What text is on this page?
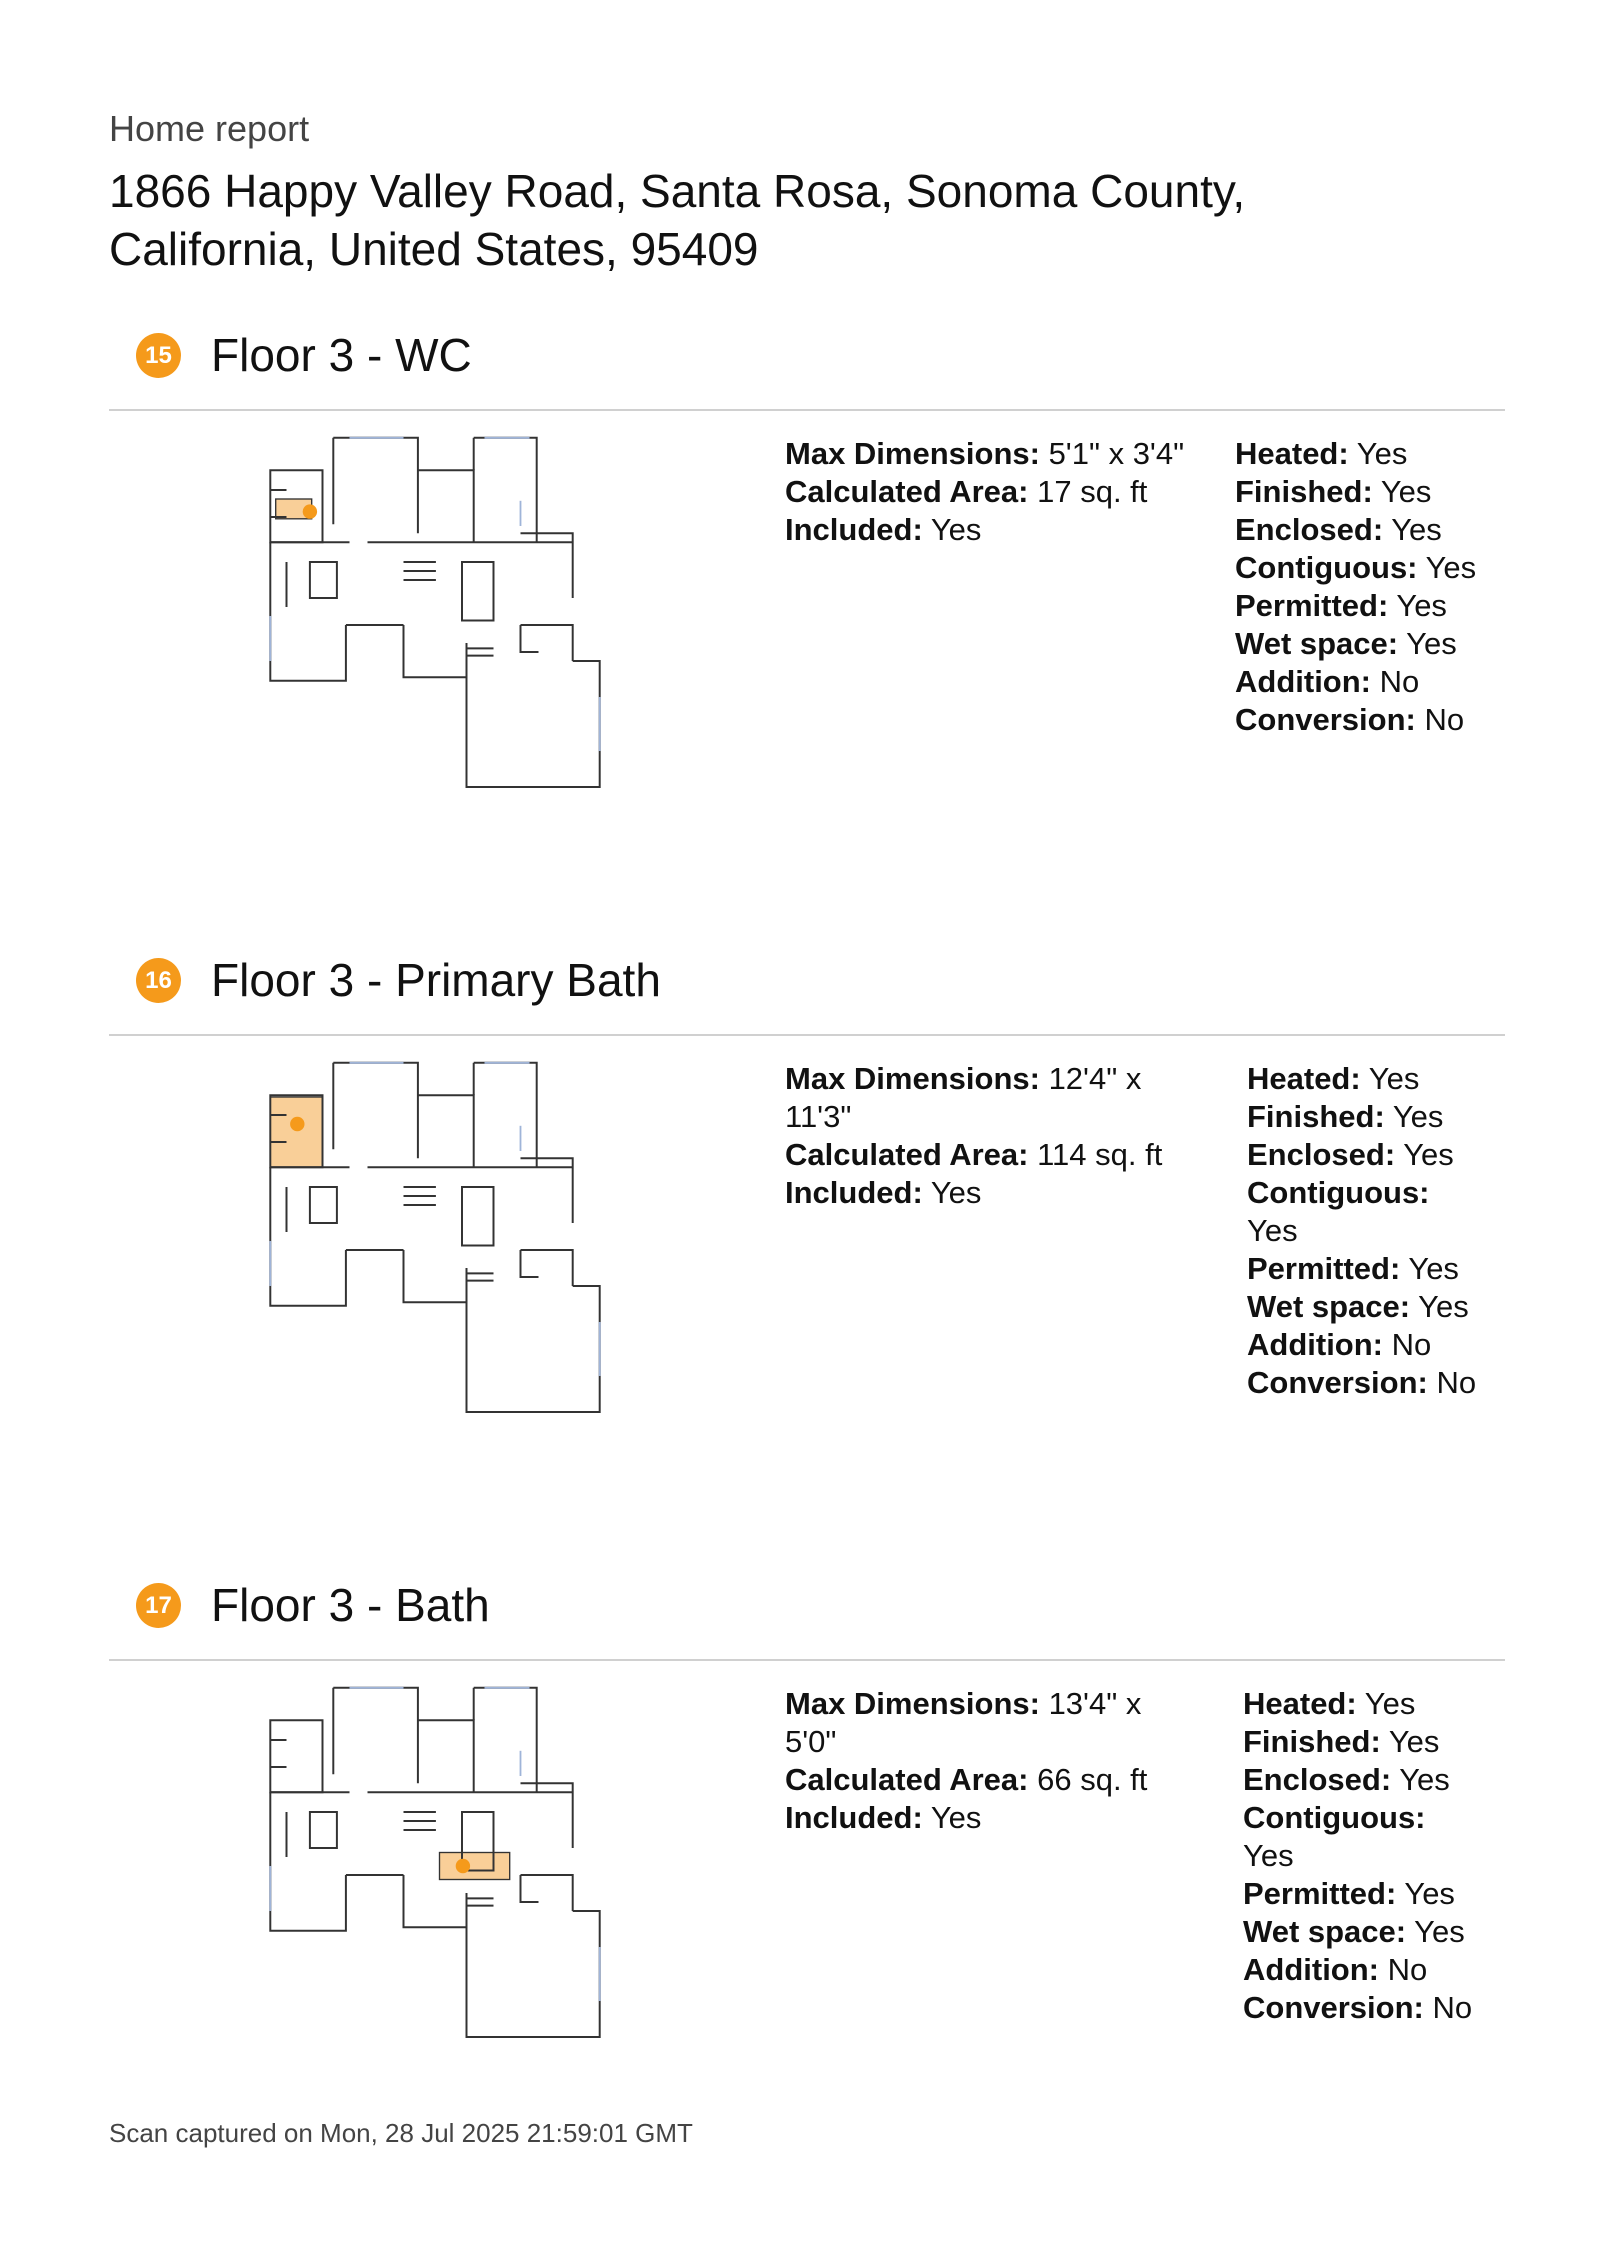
Home report
1866 Happy Valley Road, Santa Rosa, Sonoma County,
California, United States, 95409
15 Floor 3 - WC
Max Dimensions: 5'1" x 3'4"
Calculated Area: 17 sq. ft
Included: Yes
Heated: Yes
Finished: Yes
Enclosed: Yes
Contiguous: Yes
Permitted: Yes
Wet space: Yes
Addition: No
Conversion: No
16 Floor 3 - Primary Bath
Max Dimensions: 12'4" x 11'3"
Calculated Area: 114 sq. ft
Included: Yes
Heated: Yes
Finished: Yes
Enclosed: Yes
Contiguous:
Yes
Permitted: Yes
Wet space: Yes
Addition: No
Conversion: No
17 Floor 3 - Bath
Max Dimensions: 13'4" x 5'0"
Calculated Area: 66 sq. ft
Included: Yes
Heated: Yes
Finished: Yes
Enclosed: Yes
Contiguous:
Yes
Permitted: Yes
Wet space: Yes
Addition: No
Conversion: No
Scan captured on Mon, 28 Jul 2025 21:59:01 GMT
